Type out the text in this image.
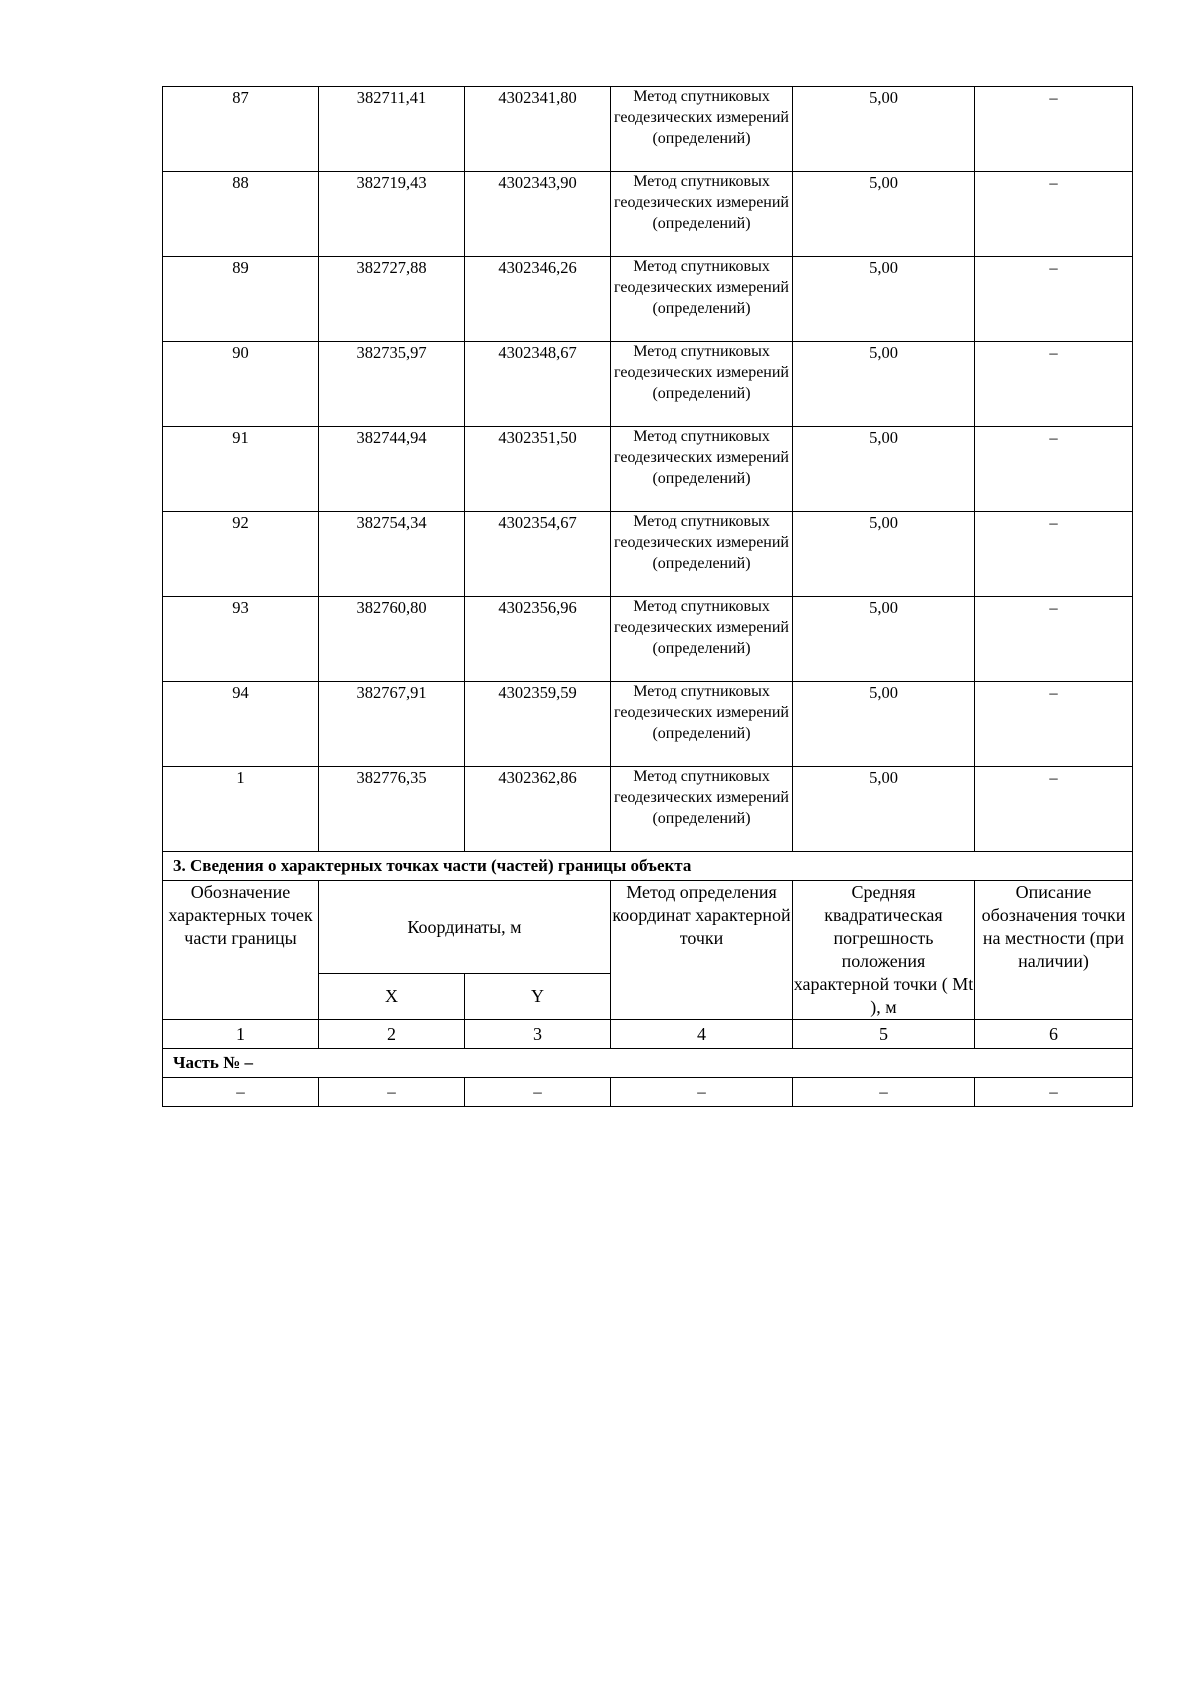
87	382711,41	4302341,80	Метод спутниковых геодезических измерений (определений)	5,00	–
88	382719,43	4302343,90	Метод спутниковых геодезических измерений (определений)	5,00	–
89	382727,88	4302346,26	Метод спутниковых геодезических измерений (определений)	5,00	–
90	382735,97	4302348,67	Метод спутниковых геодезических измерений (определений)	5,00	–
91	382744,94	4302351,50	Метод спутниковых геодезических измерений (определений)	5,00	–
92	382754,34	4302354,67	Метод спутниковых геодезических измерений (определений)	5,00	–
93	382760,80	4302356,96	Метод спутниковых геодезических измерений (определений)	5,00	–
94	382767,91	4302359,59	Метод спутниковых геодезических измерений (определений)	5,00	–
1	382776,35	4302362,86	Метод спутниковых геодезических измерений (определений)	5,00	–
3. Сведения о характерных точках части (частей) границы объекта					
Обозначение характерных точек части границы	Координаты, м		Метод определения координат характерной точки	Средняя квадратическая погрешность положения характерной точки ( Mt ), м	Описание обозначения точки на местности (при наличии)
	X	Y			
1	2	3	4	5	6
Часть № –					
–	–	–	–	–	–
